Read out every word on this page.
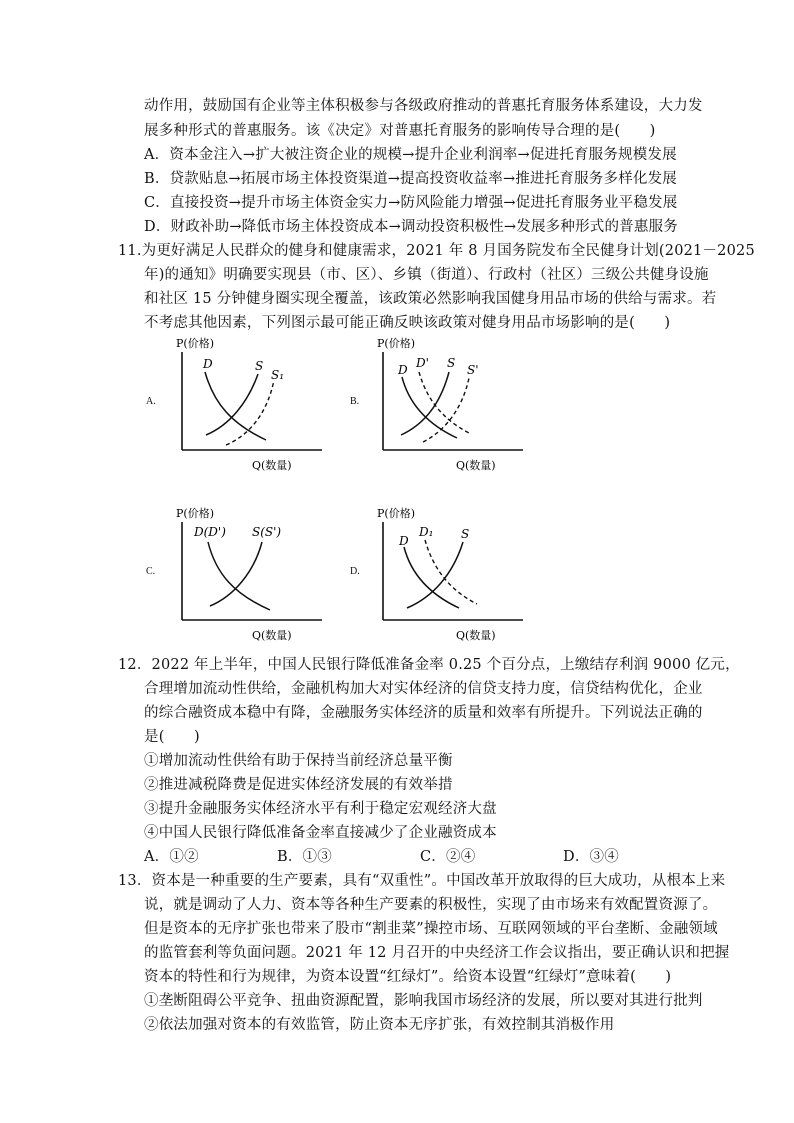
动作用，鼓励国有企业等主体积极参与各级政府推动的普惠托育服务体系建设，大力发
展多种形式的普惠服务。该《决定》对普惠托育服务的影响传导合理的是(　　)
A．资本金注入→扩大被注资企业的规模→提升企业利润率→促进托育服务规模发展
B．贷款贴息→拓展市场主体投资渠道→提高投资收益率→推进托育服务多样化发展
C．直接投资→提升市场主体资金实力→防风险能力增强→促进托育服务业平稳发展
D．财政补助→降低市场主体投资成本→调动投资积极性→发展多种形式的普惠服务
11.为更好满足人民群众的健身和健康需求，2021 年 8 月国务院发布全民健身计划(2021－2025
年)的通知》明确要实现县（市、区）、乡镇（街道）、行政村（社区）三级公共健身设施
和社区 15 分钟健身圈实现全覆盖，该政策必然影响我国健身用品市场的供给与需求。若
不考虑其他因素，下列图示最可能正确反映该政策对健身用品市场影响的是(　　)
A.
P(价格)
Q(数量)
D	S
S₁
B.
P(价格)
Q(数量)
D D' S S'
C.
P(价格)
Q(数量)
D(D') S(S')
D.
P(价格)
Q(数量)
D
D₁ S
12．2022 年上半年，中国人民银行降低准备金率 0.25 个百分点，上缴结存利润 9000 亿元，
合理增加流动性供给，金融机构加大对实体经济的信贷支持力度，信贷结构优化，企业
的综合融资成本稳中有降，金融服务实体经济的质量和效率有所提升。下列说法正确的
是(　　)
①增加流动性供给有助于保持当前经济总量平衡
②推进减税降费是促进实体经济发展的有效举措
③提升金融服务实体经济水平有利于稳定宏观经济大盘
④中国人民银行降低准备金率直接减少了企业融资成本
A．①②	B．①③	C．②④	D．③④
13．资本是一种重要的生产要素，具有“双重性”。中国改革开放取得的巨大成功，从根本上来
说，就是调动了人力、资本等各种生产要素的积极性，实现了由市场来有效配置资源了。
但是资本的无序扩张也带来了股市“割韭菜”操控市场、互联网领域的平台垄断、金融领域
的监管套利等负面问题。2021 年 12 月召开的中央经济工作会议指出，要正确认识和把握
资本的特性和行为规律，为资本设置“红绿灯”。给资本设置“红绿灯”意味着(　　)
①垄断阻碍公平竞争、扭曲资源配置，影响我国市场经济的发展，所以要对其进行批判
②依法加强对资本的有效监管，防止资本无序扩张，有效控制其消极作用
